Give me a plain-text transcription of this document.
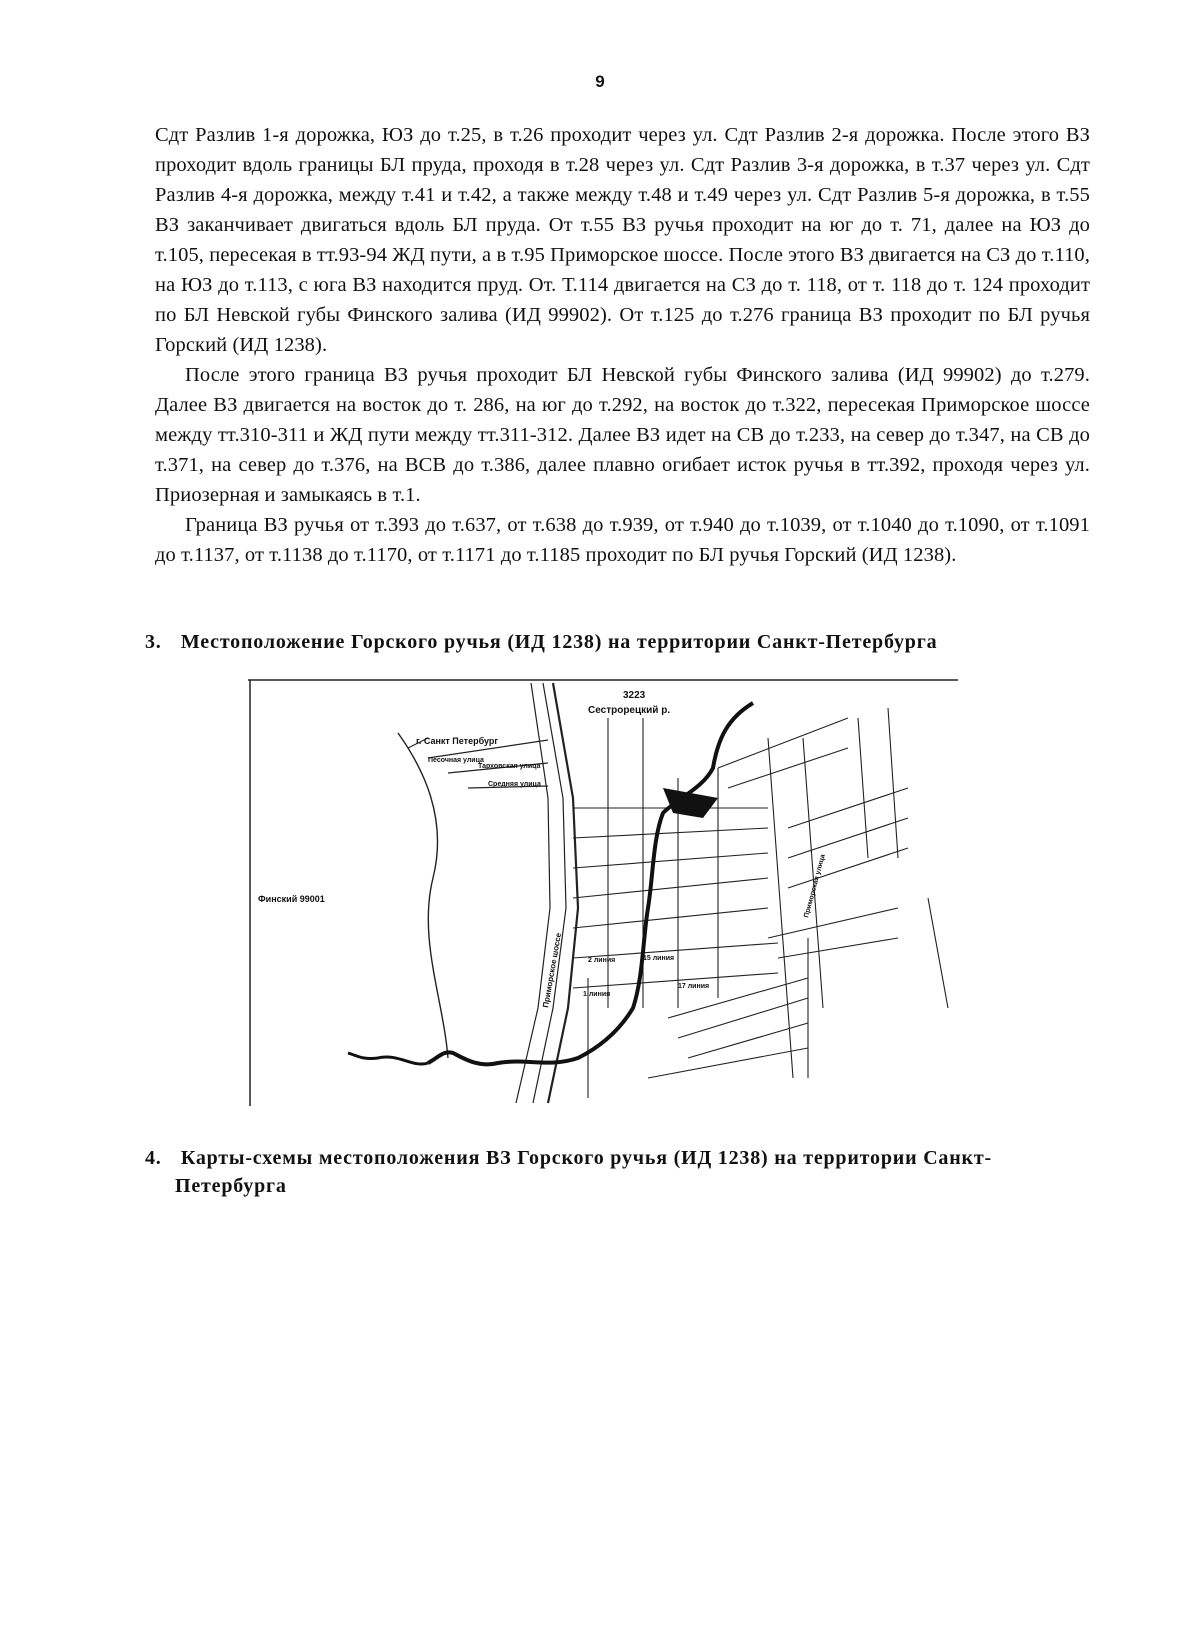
9

Сдт Разлив 1-я дорожка, ЮЗ до т.25, в т.26 проходит через ул. Сдт Разлив 2-я дорожка. После этого ВЗ проходит вдоль границы БЛ пруда, проходя в т.28 через ул. Сдт Разлив 3-я дорожка, в т.37 через ул. Сдт Разлив 4-я дорожка, между т.41 и т.42, а также между т.48 и т.49 через ул. Сдт Разлив 5-я дорожка, в т.55 ВЗ заканчивает двигаться вдоль БЛ пруда. От т.55 ВЗ ручья проходит на юг до т. 71, далее на ЮЗ до т.105, пересекая в тт.93-94 ЖД пути, а в т.95 Приморское шоссе. После этого ВЗ двигается на СЗ до т.110, на ЮЗ до т.113, с юга ВЗ находится пруд. От. Т.114 двигается на СЗ до т. 118, от т. 118 до т. 124 проходит по БЛ Невской губы Финского залива (ИД 99902). От т.125 до т.276 граница ВЗ проходит по БЛ ручья Горский (ИД 1238).

После этого граница ВЗ ручья проходит БЛ Невской губы Финского залива (ИД 99902) до т.279. Далее ВЗ двигается на восток до т. 286, на юг до т.292, на восток до т.322, пересекая Приморское шоссе между тт.310-311 и ЖД пути между тт.311-312. Далее ВЗ идет на СВ до т.233, на север до т.347, на СВ до т.371, на север до т.376, на ВСВ до т.386, далее плавно огибает исток ручья в тт.392, проходя через ул. Приозерная и замыкаясь в т.1.

Граница ВЗ ручья от т.393 до т.637, от т.638 до т.939, от т.940 до т.1039, от т.1040 до т.1090, от т.1091 до т.1137, от т.1138 до т.1170, от т.1171 до т.1185 проходит по БЛ ручья Горский (ИД 1238).

3. Местоположение Горского ручья (ИД 1238) на территории Санкт-Петербурга
3223
Сестрорецкий р.
г. Санкт Петербург
Финский 99001
Тарховская улица
Средняя улица
Песочная улица
Приморское шоссе	1 линия
2 линия	15 линия
17 линия
Приморская улица
4. Карты-схемы местоположения ВЗ Горского ручья (ИД 1238) на территории Санкт-
Петербурга
